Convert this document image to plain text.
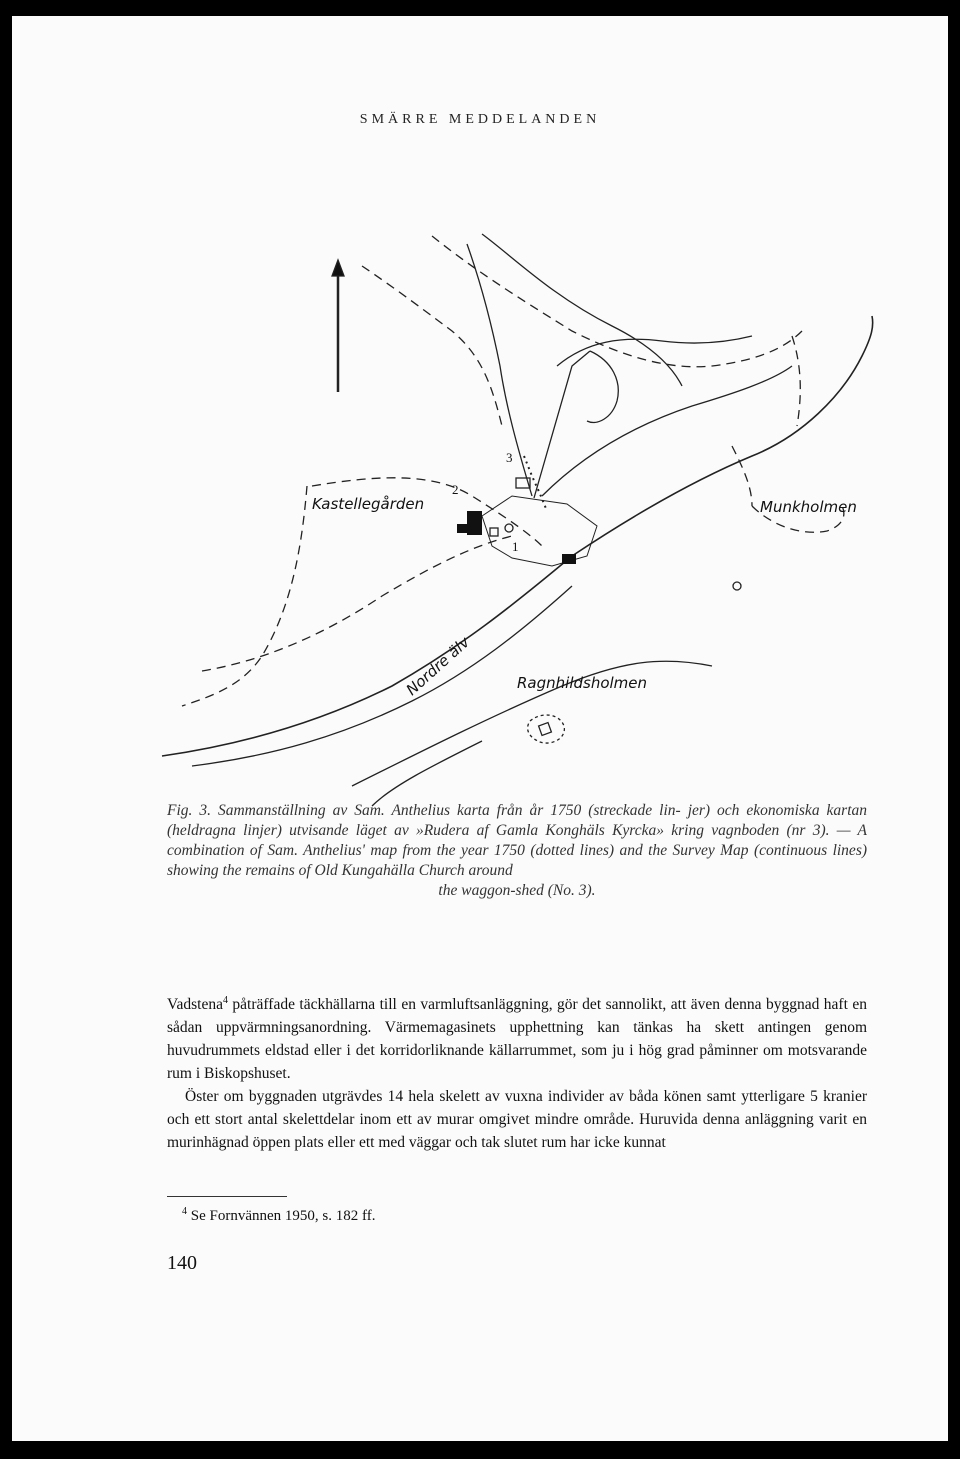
SMÄRRE MEDDELANDEN
Kastellegården	Munkholmen
Nordre älv	Ragnhildsholmen
2
3
1

Fig. 3. Sammanställning av Sam. Anthelius karta från år 1750 (streckade lin- jer) och ekonomiska kartan (heldragna linjer) utvisande läget av »Rudera af Gamla Konghäls Kyrcka» kring vagnboden (nr 3). — A combination of Sam. Anthelius' map from the year 1750 (dotted lines) and the Survey Map (continuous lines) showing the remains of Old Kungahälla Church around
the waggon-shed (No. 3).

Vadstena$^4$ påträffade täckhällarna till en varmluftsanläggning, gör det sannolikt, att även denna byggnad haft en sådan uppvärmningsanordning. Värmemagasinets upphettning kan tänkas ha skett antingen genom huvudrummets eldstad eller i det korridorliknande källarrummet, som ju i hög grad påminner om motsvarande rum i Biskopshuset.

Öster om byggnaden utgrävdes 14 hela skelett av vuxna individer av båda könen samt ytterligare 5 kranier och ett stort antal skelettdelar inom ett av murar omgivet mindre område. Huruvida denna anläggning varit en murinhägnad öppen plats eller ett med väggar och tak slutet rum har icke kunnat

$^4$ Se Fornvännen 1950, s. 182 ff.
140
